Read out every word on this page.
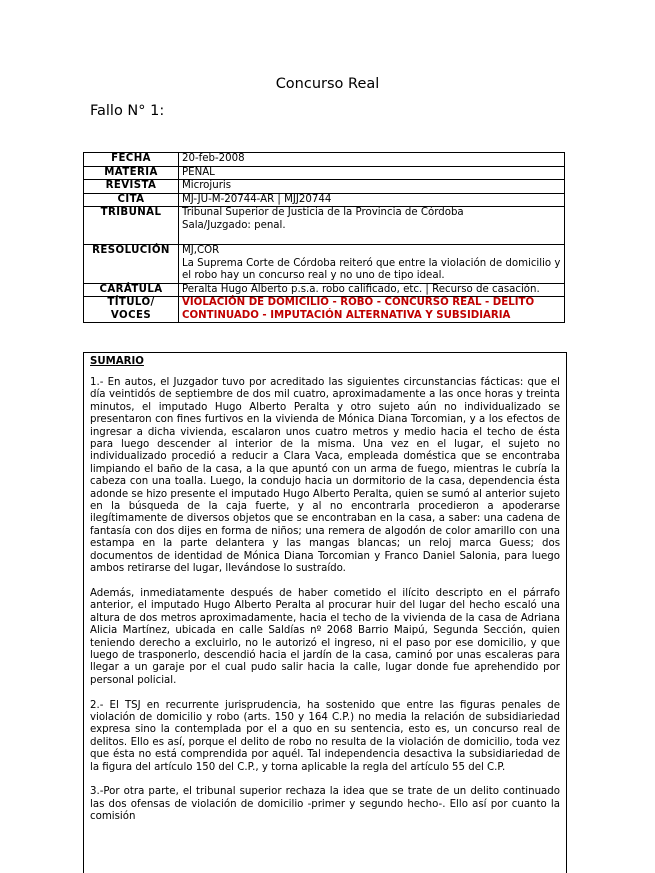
Concurso Real
Fallo N° 1:
FECHA	20-feb-2008
MATERIA	PENAL
REVISTA	Microjuris
CITA	MJ-JU-M-20744-AR | MJJ20744
TRIBUNAL	Tribunal Superior de Justicia de la Provincia de Córdoba
Sala/Juzgado: penal.

RESOLUCIÓN	MJ,COR
La Suprema Corte de Córdoba reiteró que entre la violación de domicilio y el robo hay un concurso real y no uno de tipo ideal.

CARÁTULA	Peralta Hugo Alberto p.s.a. robo calificado, etc. | Recurso de casación.

TÍTULO/
VOCES	VIOLACIÓN DE DOMICILIO - ROBO - CONCURSO REAL - DELITO CONTINUADO - IMPUTACIÓN ALTERNATIVA Y SUBSIDIARIA
SUMARIO

1.- En autos, el Juzgador tuvo por acreditado las siguientes circunstancias fácticas: que el día veintidós de septiembre de dos mil cuatro, aproximadamente a las once horas y treinta minutos, el imputado Hugo Alberto Peralta y otro sujeto aún no individualizado se presentaron con fines furtivos en la vivienda de Mónica Diana Torcomian, y a los efectos de ingresar a dicha vivienda, escalaron unos cuatro metros y medio hacia el techo de ésta para luego descender al interior de la misma. Una vez en el lugar, el sujeto no individualizado procedió a reducir a Clara Vaca, empleada doméstica que se encontraba limpiando el baño de la casa, a la que apuntó con un arma de fuego, mientras le cubría la cabeza con una toalla. Luego, la condujo hacia un dormitorio de la casa, dependencia ésta adonde se hizo presente el imputado Hugo Alberto Peralta, quien se sumó al anterior sujeto en la búsqueda de la caja fuerte, y al no encontrarla procedieron a apoderarse ilegítimamente de diversos objetos que se encontraban en la casa, a saber: una cadena de fantasía con dos dijes en forma de niños; una remera de algodón de color amarillo con una estampa en la parte delantera y las mangas blancas; un reloj marca Guess; dos documentos de identidad de Mónica Diana Torcomian y Franco Daniel Salonia, para luego ambos retirarse del lugar, llevándose lo sustraído.

Además, inmediatamente después de haber cometido el ilícito descripto en el párrafo anterior, el imputado Hugo Alberto Peralta al procurar huir del lugar del hecho escaló una altura de dos metros aproximadamente, hacia el techo de la vivienda de la casa de Adriana Alicia Martínez, ubicada en calle Saldías nº 2068 Barrio Maipú, Segunda Sección, quien teniendo derecho a excluirlo, no le autorizó el ingreso, ni el paso por ese domicilio, y que luego de trasponerlo, descendió hacia el jardín de la casa, caminó por unas escaleras para llegar a un garaje por el cual pudo salir hacia la calle, lugar donde fue aprehendido por personal policial.

2.- El TSJ en recurrente jurisprudencia, ha sostenido que entre las figuras penales de violación de domicilio y robo (arts. 150 y 164 C.P.) no media la relación de subsidiariedad expresa sino la contemplada por el a quo en su sentencia, esto es, un concurso real de delitos. Ello es así, porque el delito de robo no resulta de la violación de domicilio, toda vez que ésta no está comprendida por aquél. Tal independencia desactiva la subsidiariedad de la figura del artículo 150 del C.P., y torna aplicable la regla del artículo 55 del C.P.

3.-Por otra parte, el tribunal superior rechaza la idea que se trate de un delito continuado las dos ofensas de violación de domicilio -primer y segundo hecho-. Ello así por cuanto la comisión
